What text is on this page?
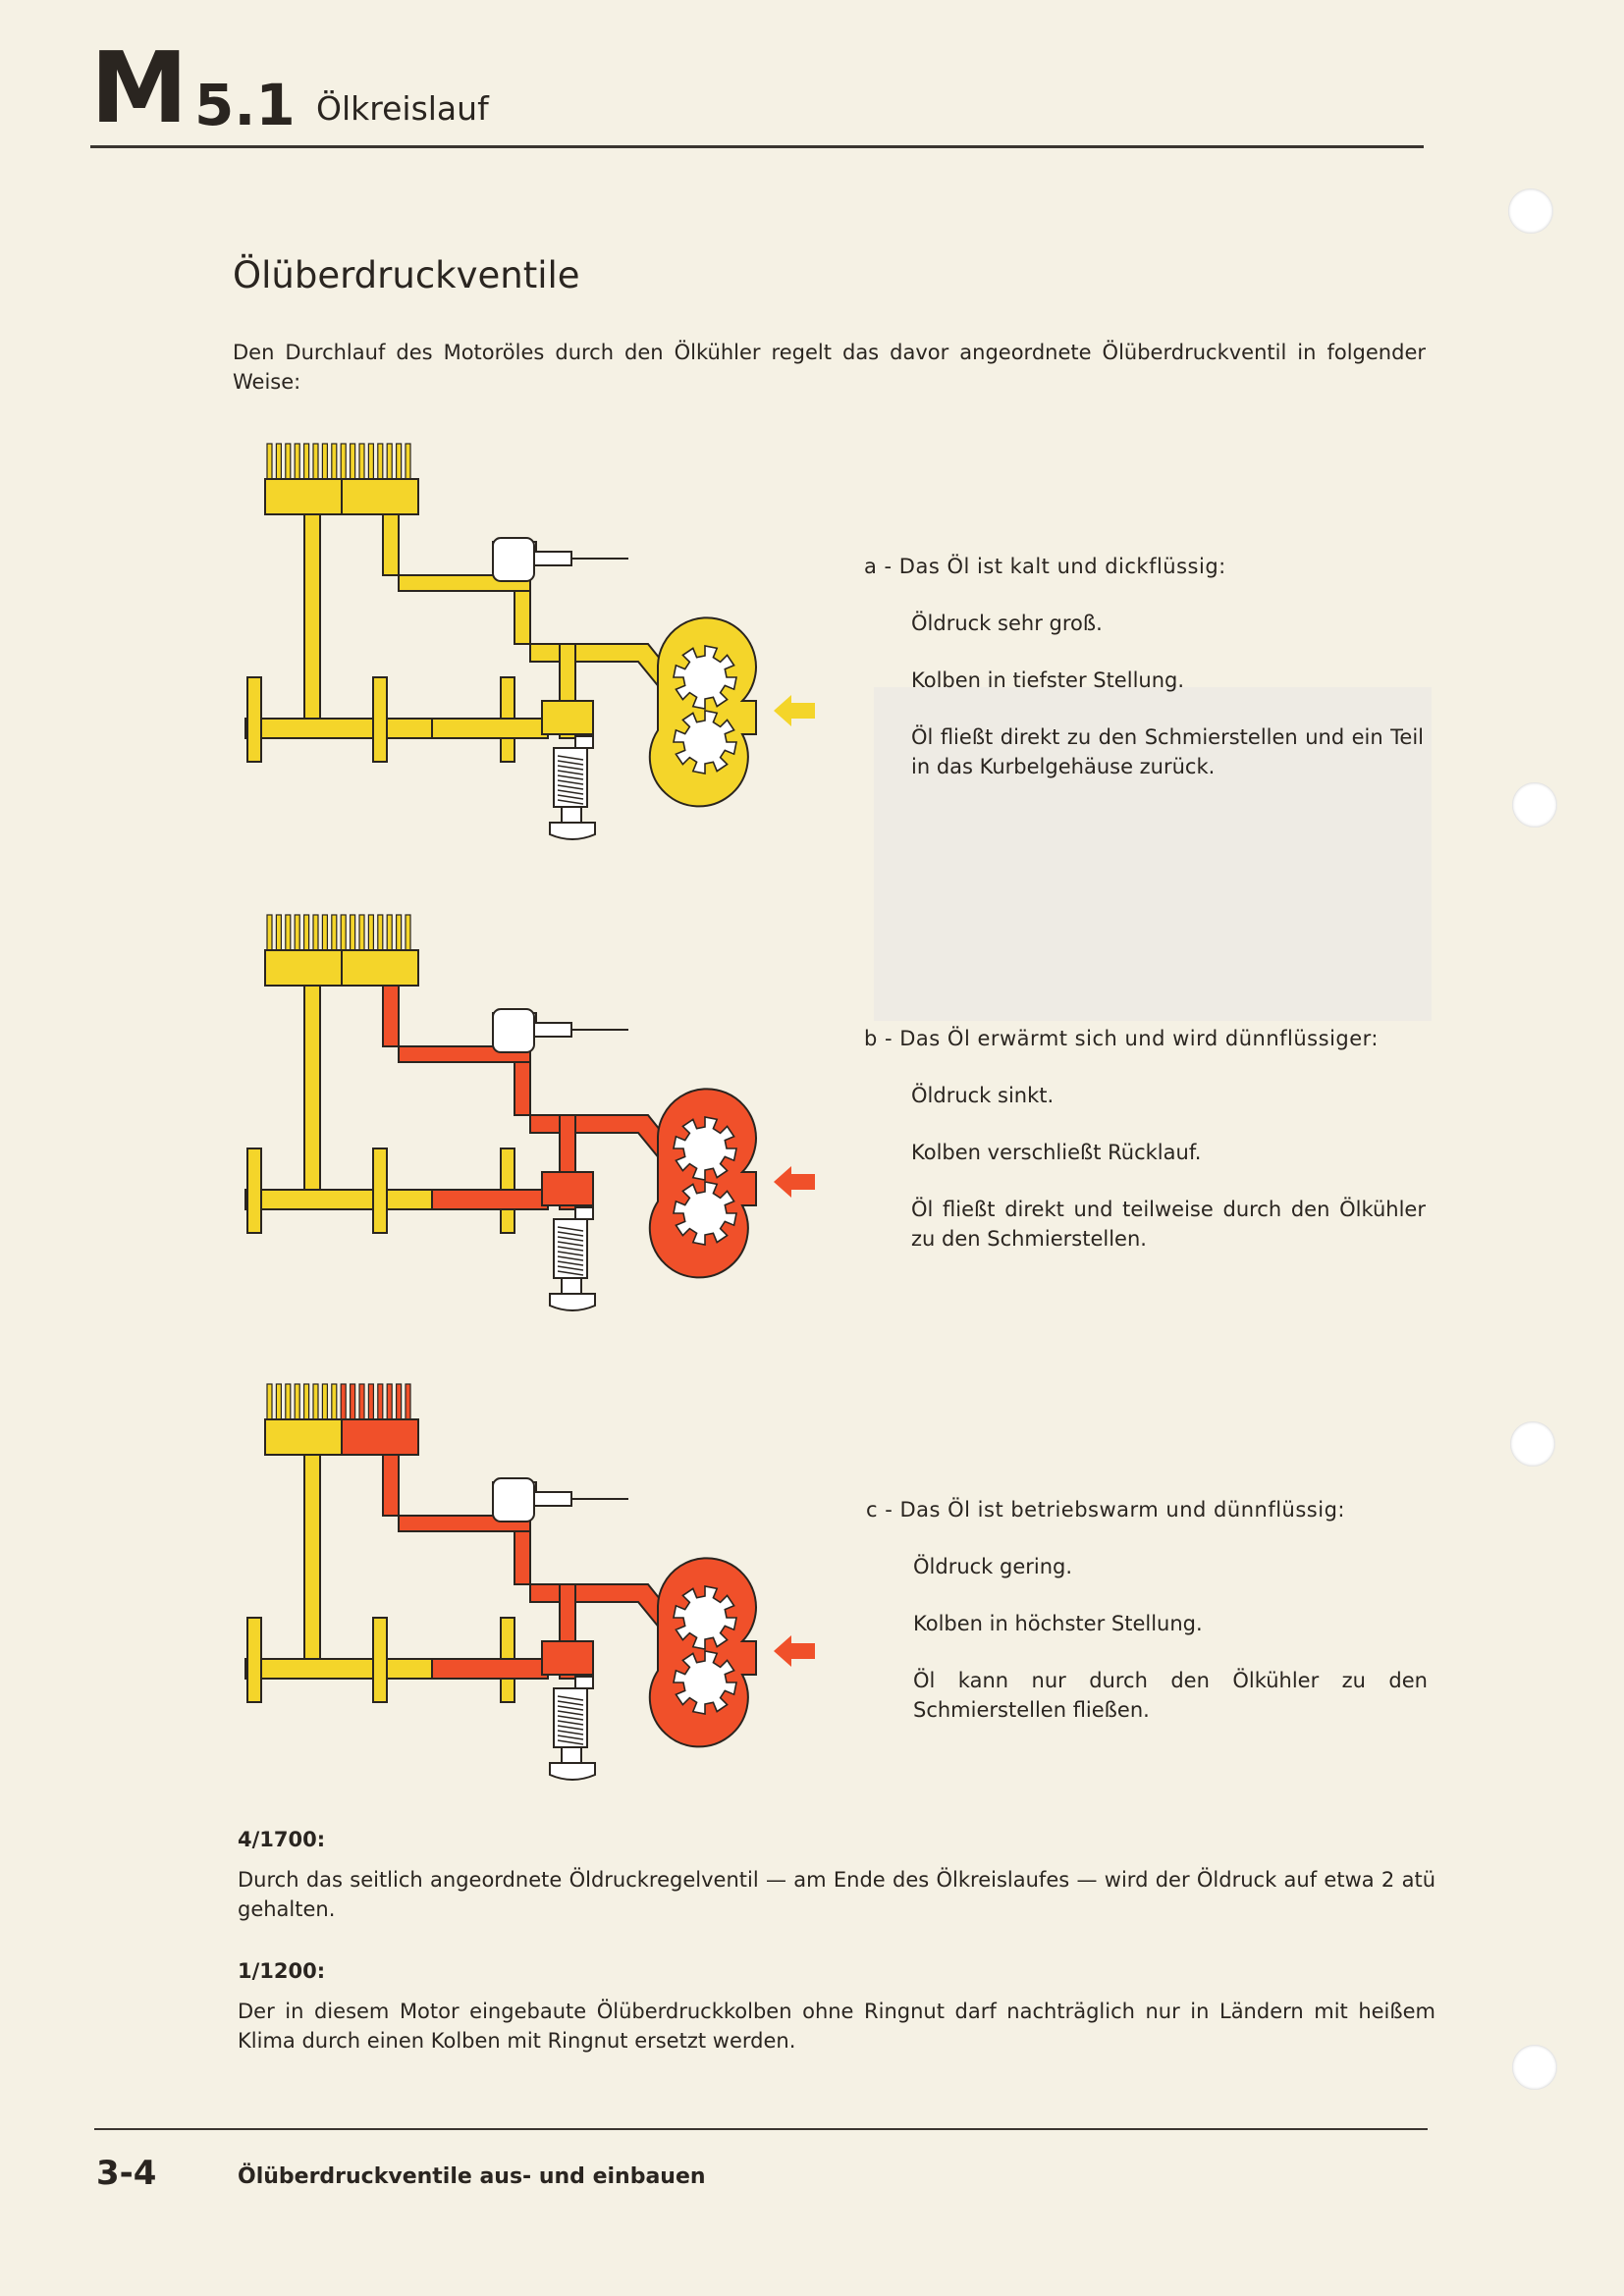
M 5.1 Ölkreislauf
Ölüberdruckventile
Den Durchlauf des Motoröles durch den Ölkühler regelt das davor angeordnete Ölüberdruckventil in folgender Weise:

a - Das Öl ist kalt und dickflüssig:

Öldruck sehr groß.

Kolben in tiefster Stellung.

Öl fließt direkt zu den Schmierstellen und ein Teil in das Kurbelgehäuse zurück.

b - Das Öl erwärmt sich und wird dünnflüssiger:

Öldruck sinkt.

Kolben verschließt Rücklauf.

Öl fließt direkt und teilweise durch den Ölkühler zu den Schmierstellen.

c - Das Öl ist betriebswarm und dünnflüssig:

Öldruck gering.

Kolben in höchster Stellung.

Öl kann nur durch den Ölkühler zu den Schmierstellen fließen.

4/1700:
Durch das seitlich angeordnete Öldruckregelventil — am Ende des Ölkreislaufes — wird der Öldruck auf etwa 2 atü gehalten.
1/1200:
Der in diesem Motor eingebaute Ölüberdruckkolben ohne Ringnut darf nachträglich nur in Ländern mit heißem Klima durch einen Kolben mit Ringnut ersetzt werden.
3-4	Ölüberdruckventile aus- und einbauen
